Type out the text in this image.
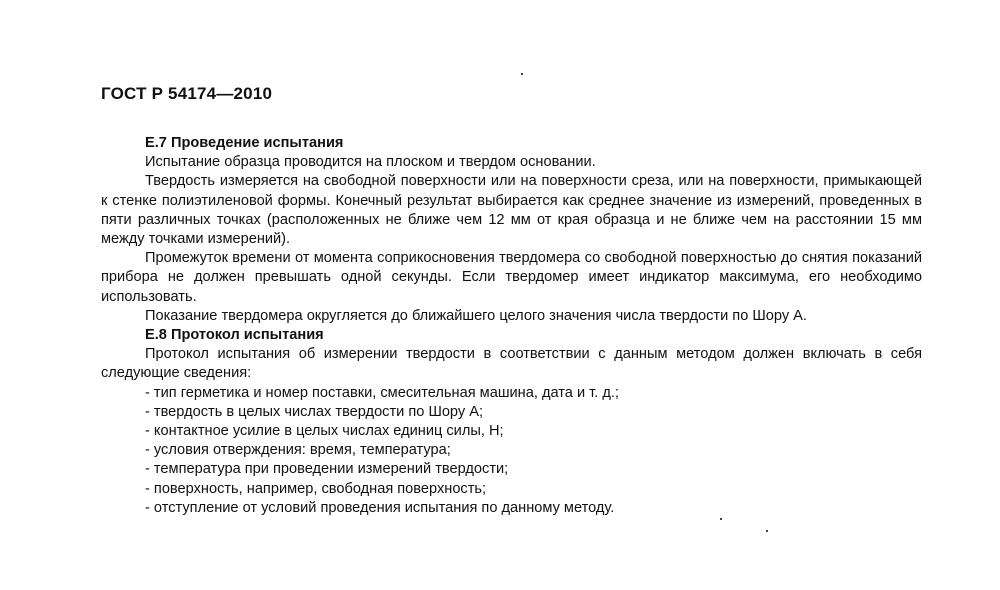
ГОСТ Р 54174—2010

Е.7 Проведение испытания

Испытание образца проводится на плоском и твердом основании.

Твердость измеряется на свободной поверхности или на поверхности среза, или на поверхности, примыкающей к стенке полиэтиленовой формы. Конечный результат выбирается как среднее значение из измерений, проведенных в пяти различных точках (расположенных не ближе чем 12 мм от края образца и не ближе чем на расстоянии 15 мм между точками измерений).

Промежуток времени от момента соприкосновения твердомера со свободной поверхностью до снятия показаний прибора не должен превышать одной секунды. Если твердомер имеет индикатор максимума, его необходимо использовать.

Показание твердомера округляется до ближайшего целого значения числа твердости по Шору А.

Е.8 Протокол испытания

Протокол испытания об измерении твердости в соответствии с данным методом должен включать в себя следующие сведения:

- тип герметика и номер поставки, смесительная машина, дата и т. д.;
- твердость в целых числах твердости по Шору А;
- контактное усилие в целых числах единиц силы, Н;
- условия отверждения: время, температура;
- температура при проведении измерений твердости;
- поверхность, например, свободная поверхность;
- отступление от условий проведения испытания по данному методу.
